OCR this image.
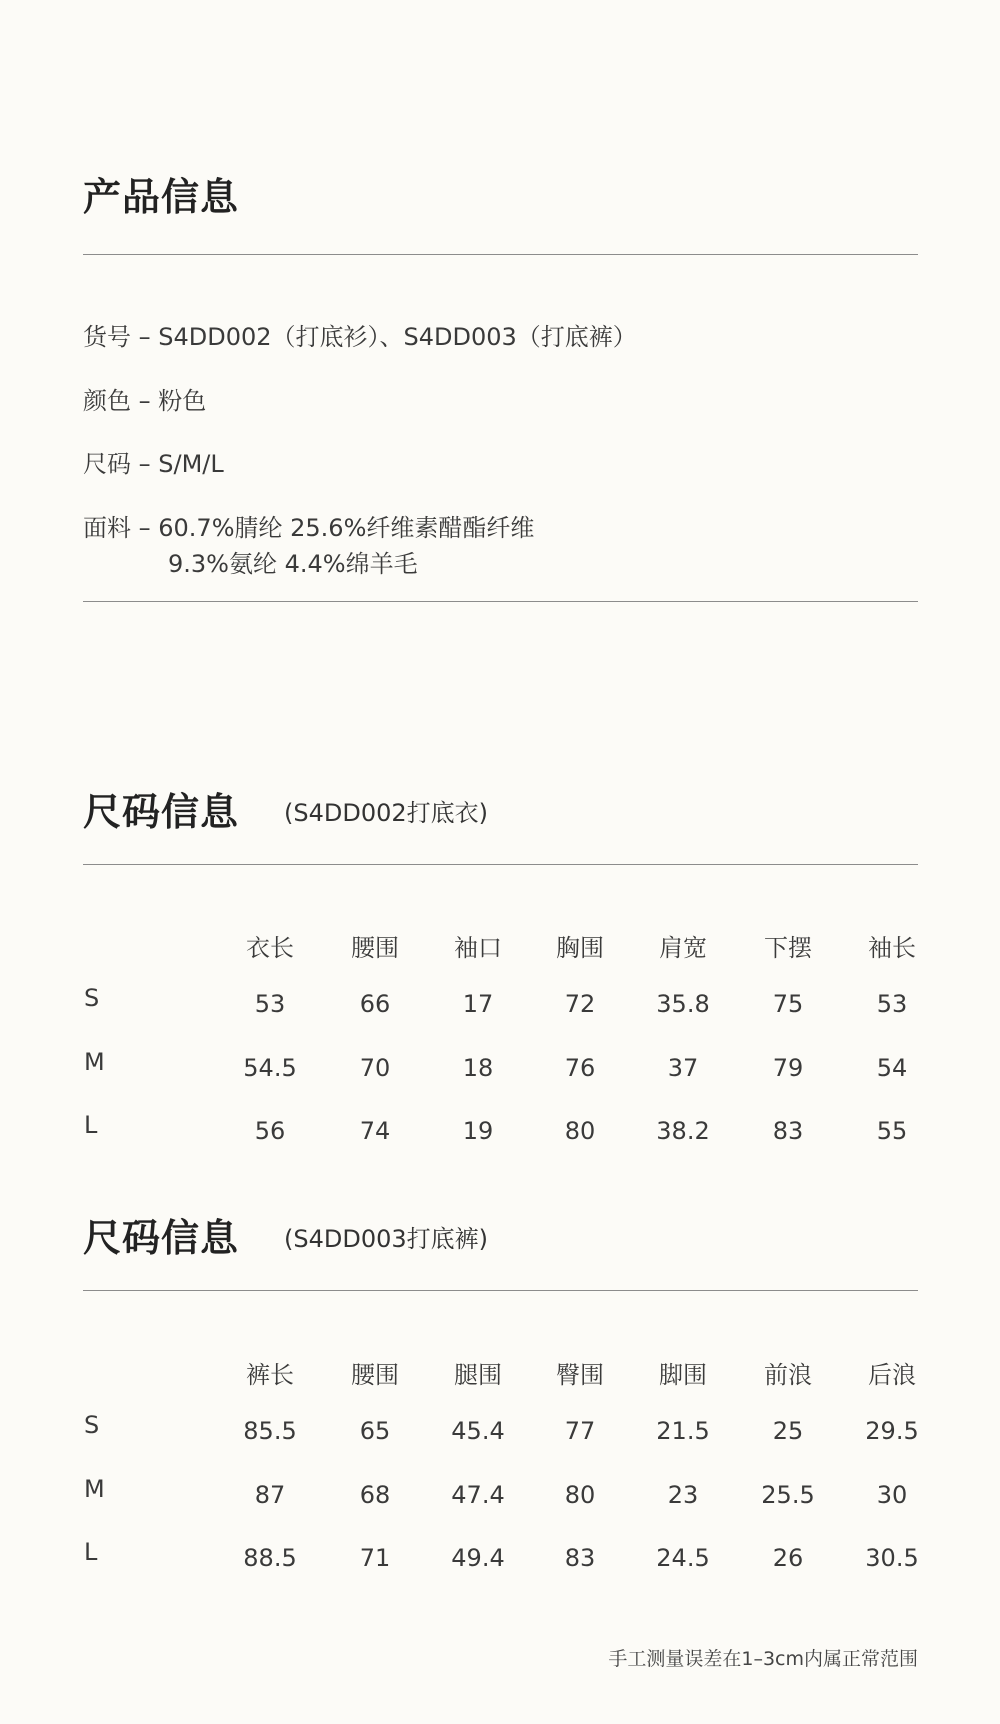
产品信息
货号 – S4DD002（打底衫）、S4DD003（打底裤）
颜色 – 粉色
尺码 – S/M/L
面料 – 60.7%腈纶 25.6%纤维素醋酯纤维
9.3%氨纶 4.4%绵羊毛
尺码信息 (S4DD002打底衣)
衣长	腰围	袖口	胸围	肩宽	下摆	袖长
S	53	66	17	72	35.8	75	53
M	54.5	70	18	76	37	79	54
L	56	74	19	80	38.2	83	55
尺码信息 (S4DD003打底裤)
裤长	腰围	腿围	臀围	脚围	前浪	后浪
S	85.5	65	45.4	77	21.5	25	29.5
M	87	68	47.4	80	23	25.5	30
L	88.5	71	49.4	83	24.5	26	30.5
手工测量误差在1–3cm内属正常范围
